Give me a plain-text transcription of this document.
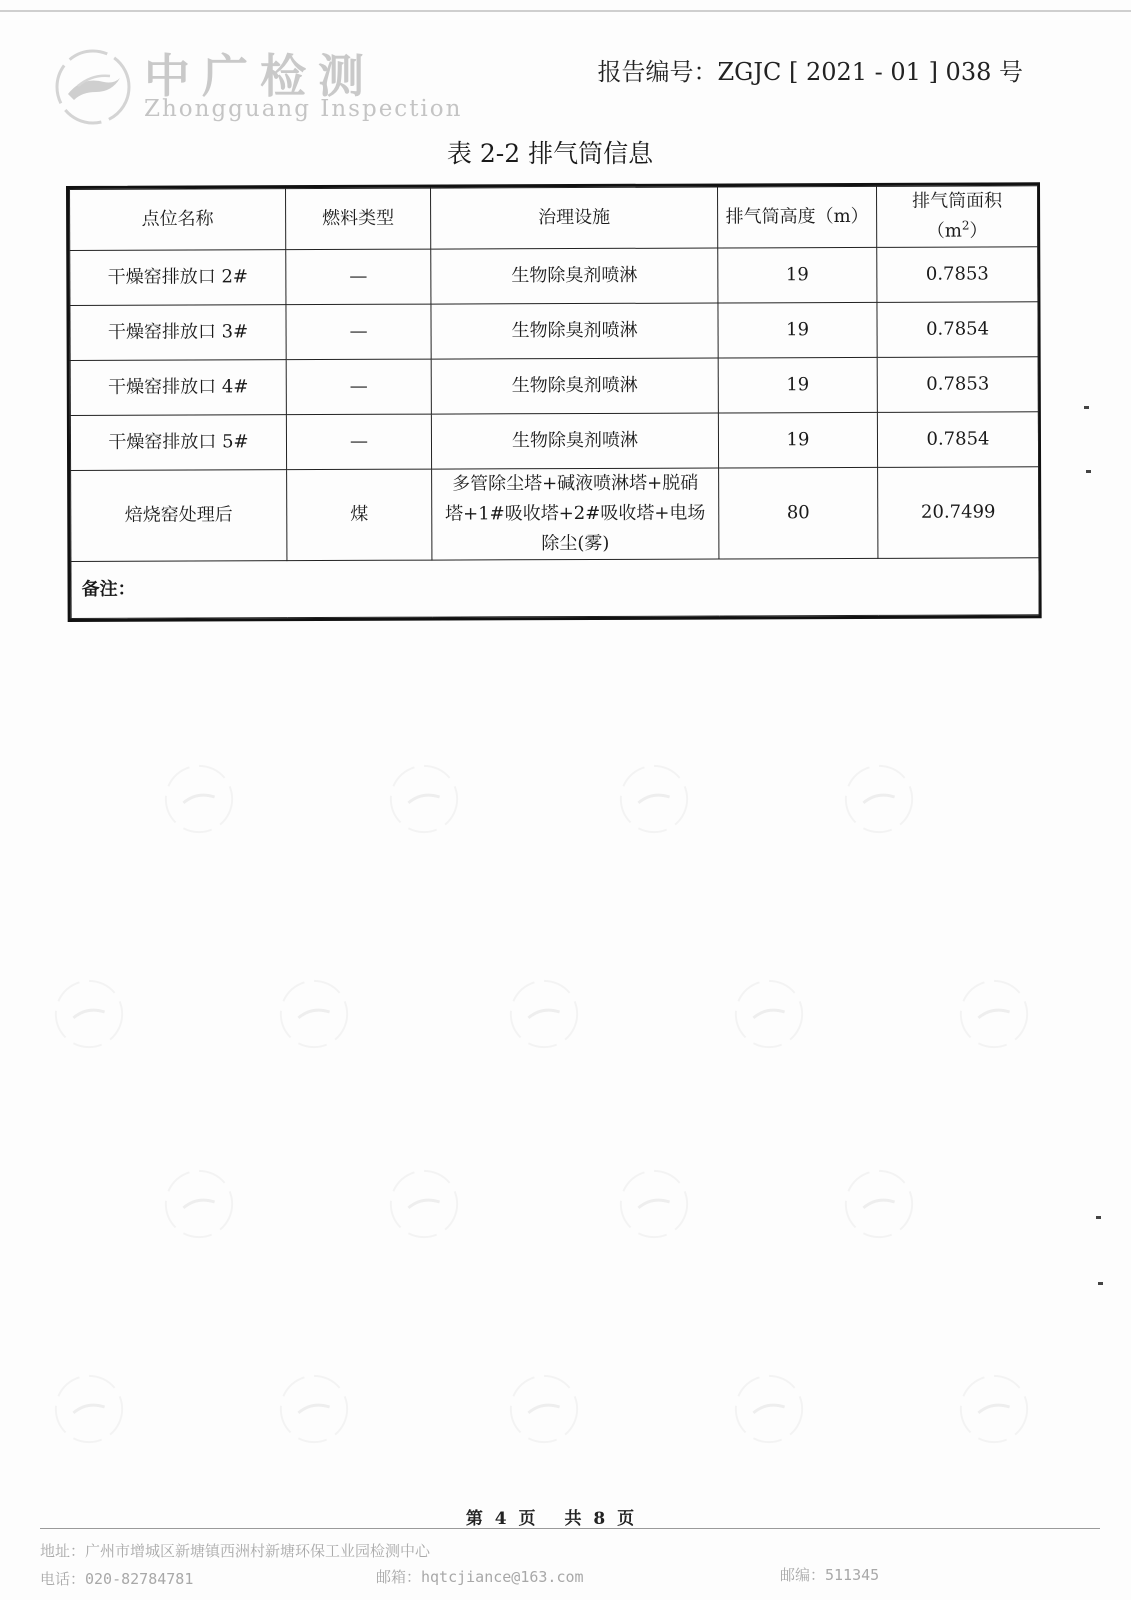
中广检测
Zhongguang Inspection
报告编号：ZGJC [ 2021 - 01 ] 038 号
表 2-2 排气筒信息
点位名称	燃料类型	治理设施	排气筒高度（m）	排气筒面积
$(m^2)$

干燥窑排放口 2#	—	生物除臭剂喷淋	19	0.7853
干燥窑排放口 3#	—	生物除臭剂喷淋	19	0.7854
干燥窑排放口 4#	—	生物除臭剂喷淋	19	0.7853
干燥窑排放口 5#	—	生物除臭剂喷淋	19	0.7854
焙烧窑处理后	煤	多管除尘塔+碱液喷淋塔+脱硝
塔+1#吸收塔+2#吸收塔+电场
除尘(雾)	80	20.7499
备注：				
第 4 页　 共 8 页
地址：广州市增城区新塘镇西洲村新塘环保工业园检测中心
电话：020-82784781	邮箱：hqtcjiance@163.com	邮编：511345
